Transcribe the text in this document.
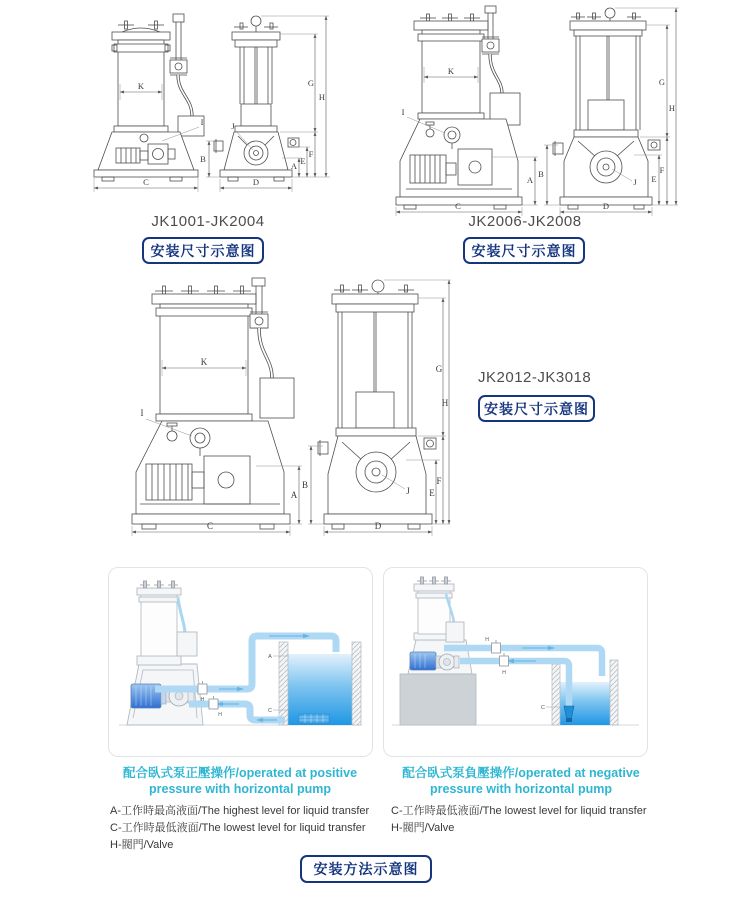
K
I
C
B
J
D
A E
F
G
H
JK1001-JK2004
安装尺寸示意图
K
I
A
C
B
J
D
E
F
G
H
JK2006-JK2008
安装尺寸示意图
K
I
A
C
B
J
D
E
F
G
H
JK2012-JK3018
安装尺寸示意图
H
H
A
C
H
H
C
配合臥式泵正壓操作/operated at positive pressure with horizontal pump
A-工作時最高液面/The highest level for liquid transfer
C-工作時最低液面/The lowest level for liquid transfer
H-閥門/Valve
配合臥式泵負壓操作/operated at negative pressure with horizontal pump
C-工作時最低液面/The lowest level for liquid transfer
H-閥門/Valve
安装方法示意图
